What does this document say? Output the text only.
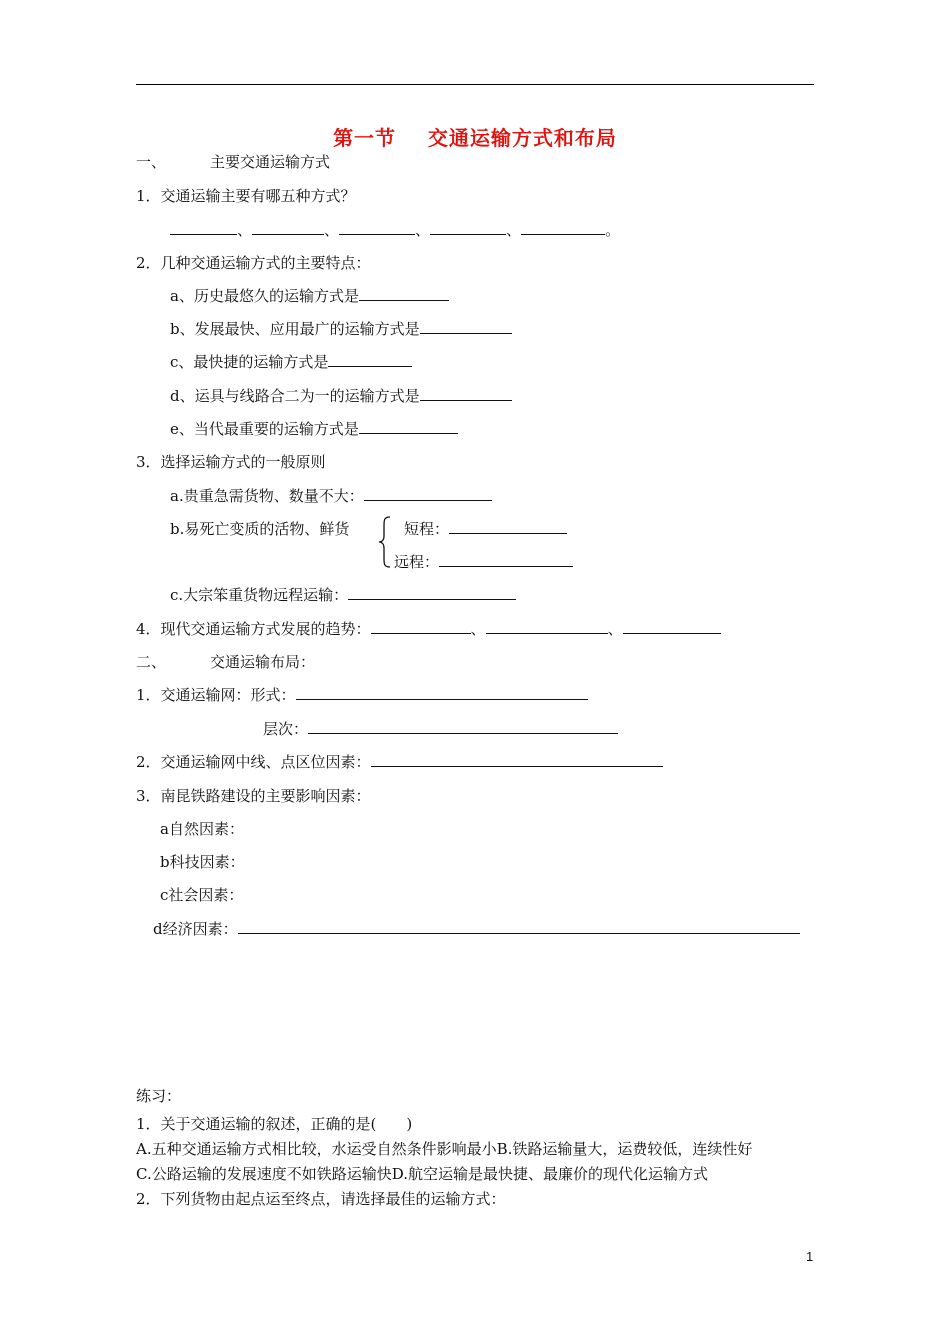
第一节    交通运输方式和布局
一、	主要交通运输方式
1．交通运输主要有哪五种方式？
、	、	、	、	。
2．几种交通运输方式的主要特点：
a、历史最悠久的运输方式是
b、发展最快、应用最广的运输方式是
c、最快捷的运输方式是
d、运具与线路合二为一的运输方式是
e、当代最重要的运输方式是
3．选择运输方式的一般原则
a.贵重急需货物、数量不大：
b.易死亡变质的活物、鲜货	短程：
远程：
c.大宗笨重货物远程运输：
4．现代交通运输方式发展的趋势：	、	、
二、	交通运输布局：
1．交通运输网：形式：
层次：
2．交通运输网中线、点区位因素：
3．南昆铁路建设的主要影响因素：
a自然因素：
b科技因素：
c社会因素：
d经济因素：
练习：
1．关于交通运输的叙述，正确的是(　　)
A.五种交通运输方式相比较，水运受自然条件影响最小B.铁路运输量大，运费较低，连续性好
C.公路运输的发展速度不如铁路运输快D.航空运输是最快捷、最廉价的现代化运输方式
2．下列货物由起点运至终点，请选择最佳的运输方式：
1
